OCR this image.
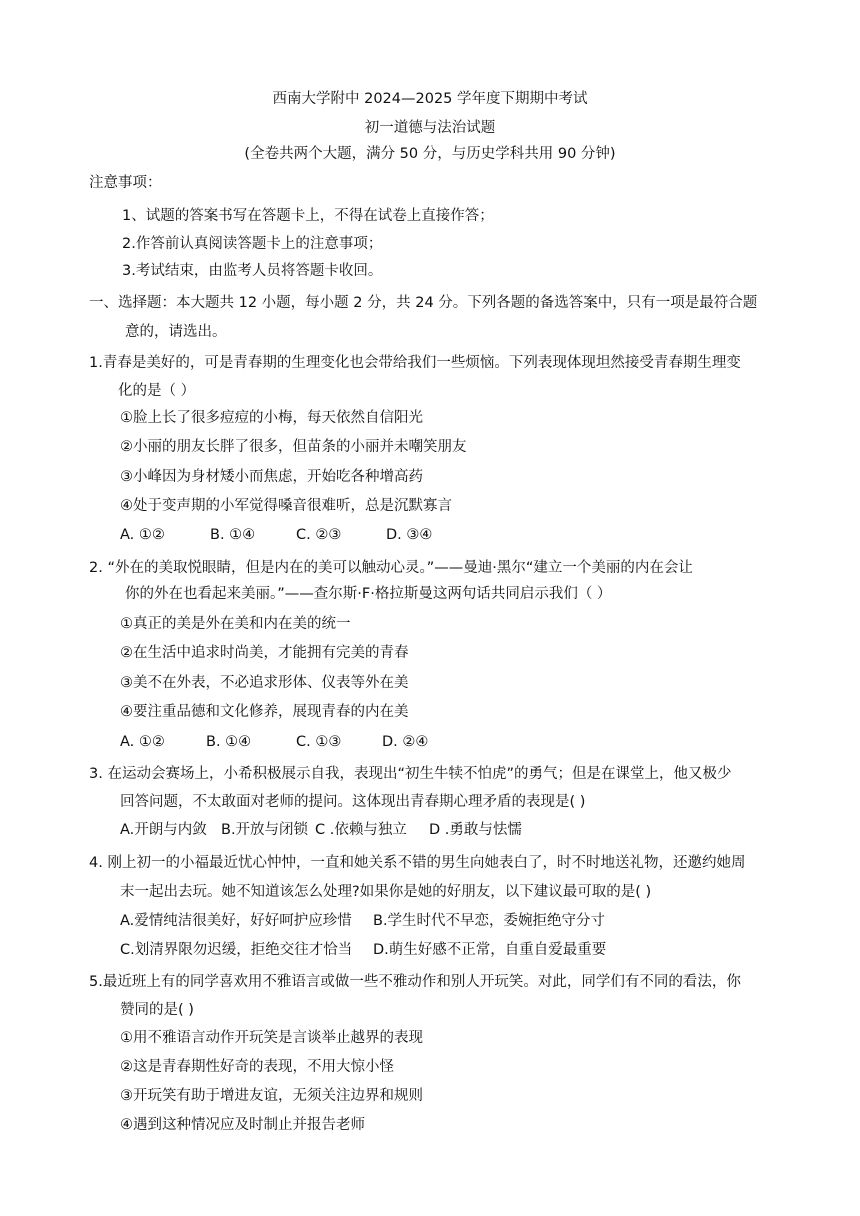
西南大学附中 2024—2025 学年度下期期中考试
初一道德与法治试题
(全卷共两个大题，满分 50 分，与历史学科共用 90 分钟)
注意事项：
1、试题的答案书写在答题卡上，不得在试卷上直接作答；
2.作答前认真阅读答题卡上的注意事项；
3.考试结束，由监考人员将答题卡收回。
一、选择题：本大题共 12 小题，每小题 2 分，共 24 分。下列各题的备选答案中，只有一项是最符合题
意的，请选出。
1.青春是美好的，可是青春期的生理变化也会带给我们一些烦恼。下列表现体现坦然接受青春期生理变
化的是（ ）
①脸上长了很多痘痘的小梅，每天依然自信阳光
②小丽的朋友长胖了很多，但苗条的小丽并未嘲笑朋友
③小峰因为身材矮小而焦虑，开始吃各种增高药
④处于变声期的小军觉得嗓音很难听，总是沉默寡言
A. ①②	B. ①④	C. ②③	D. ③④
2. “外在的美取悦眼睛，但是内在的美可以触动心灵。”——曼迪·黑尔“建立一个美丽的内在会让
你的外在也看起来美丽。”——查尔斯·F·格拉斯曼这两句话共同启示我们（ ）
①真正的美是外在美和内在美的统一
②在生活中追求时尚美，才能拥有完美的青春
③美不在外表，不必追求形体、仪表等外在美
④要注重品德和文化修养，展现青春的内在美
A. ①②	B. ①④	C. ①③	D. ②④
3. 在运动会赛场上，小希积极展示自我，表现出“初生牛犊不怕虎”的勇气；但是在课堂上，他又极少
回答问题，不太敢面对老师的提问。这体现出青春期心理矛盾的表现是( )
A.开朗与内敛 B.开放与闭锁 C .依赖与独立 D .勇敢与怯懦
4. 刚上初一的小福最近忧心忡忡，一直和她关系不错的男生向她表白了，时不时地送礼物，还邀约她周
末一起出去玩。她不知道该怎么处理?如果你是她的好朋友，以下建议最可取的是( )
A.爱情纯洁很美好，好好呵护应珍惜 B.学生时代不早恋，委婉拒绝守分寸
C.划清界限勿迟缓，拒绝交往才恰当 D.萌生好感不正常，自重自爱最重要
5.最近班上有的同学喜欢用不雅语言或做一些不雅动作和别人开玩笑。对此，同学们有不同的看法，你
赞同的是( )
①用不雅语言动作开玩笑是言谈举止越界的表现
②这是青春期性好奇的表现，不用大惊小怪
③开玩笑有助于增进友谊，无须关注边界和规则
④遇到这种情况应及时制止并报告老师
